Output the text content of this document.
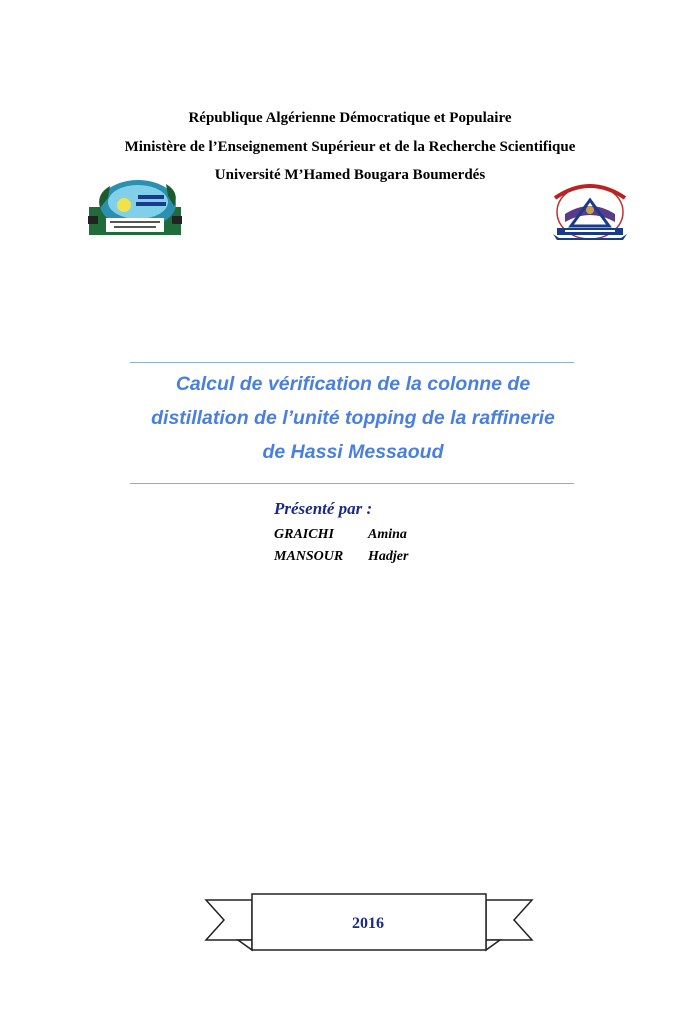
République Algérienne Démocratique et Populaire
Ministère de l’Enseignement Supérieur et de la Recherche Scientifique
Université M’Hamed Bougara Boumerdés
Calcul de vérification de la colonne de
distillation de l’unité topping de la raffinerie
de Hassi Messaoud
Présenté par :
GRAICHI Amina
MANSOUR Hadjer
2016
